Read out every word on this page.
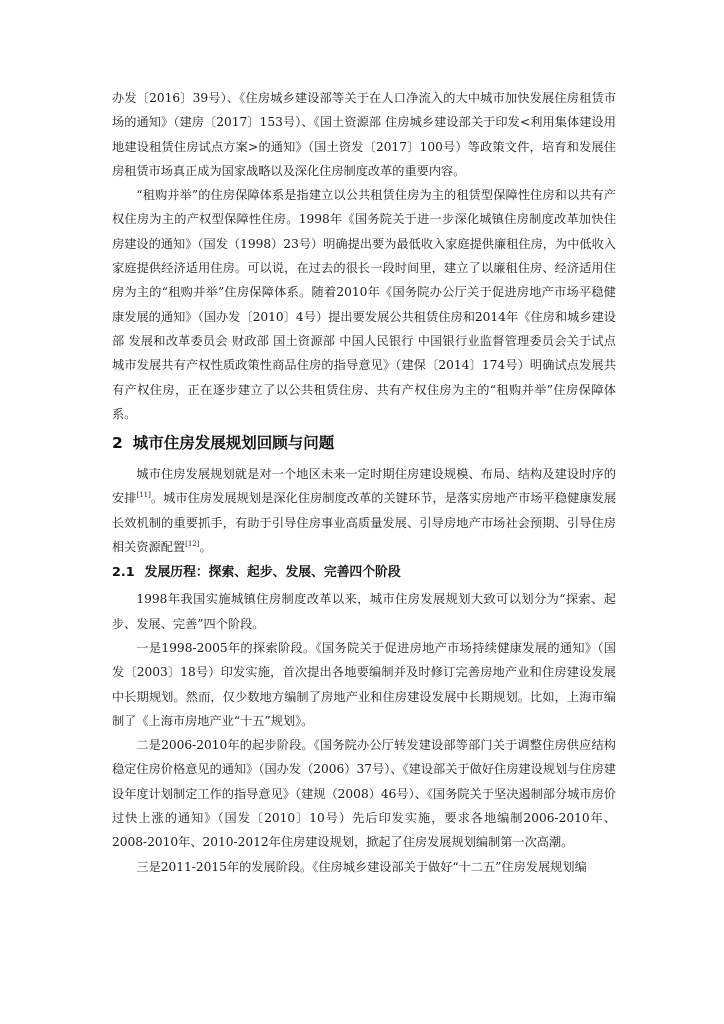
办发〔2016〕39号）、《住房城乡建设部等关于在人口净流入的大中城市加快发展住房租赁市场的通知》（建房〔2017〕153号）、《国土资源部 住房城乡建设部关于印发<利用集体建设用地建设租赁住房试点方案>的通知》（国土资发〔2017〕100号）等政策文件，培育和发展住房租赁市场真正成为国家战略以及深化住房制度改革的重要内容。

“租购并举”的住房保障体系是指建立以公共租赁住房为主的租赁型保障性住房和以共有产权住房为主的产权型保障性住房。1998年《国务院关于进一步深化城镇住房制度改革加快住房建设的通知》（国发（1998）23号）明确提出要为最低收入家庭提供廉租住房，为中低收入家庭提供经济适用住房。可以说，在过去的很长一段时间里，建立了以廉租住房、经济适用住房为主的“租购并举”住房保障体系。随着2010年《国务院办公厅关于促进房地产市场平稳健康发展的通知》（国办发〔2010〕4号）提出要发展公共租赁住房和2014年《住房和城乡建设部 发展和改革委员会 财政部 国土资源部 中国人民银行 中国银行业监督管理委员会关于试点城市发展共有产权性质政策性商品住房的指导意见》（建保〔2014〕174号）明确试点发展共有产权住房，正在逐步建立了以公共租赁住房、共有产权住房为主的“租购并举”住房保障体系。

2 城市住房发展规划回顾与问题

城市住房发展规划就是对一个地区未来一定时期住房建设规模、布局、结构及建设时序的安排[11]。城市住房发展规划是深化住房制度改革的关键环节，是落实房地产市场平稳健康发展长效机制的重要抓手，有助于引导住房事业高质量发展、引导房地产市场社会预期、引导住房相关资源配置[12]。

2.1 发展历程：探索、起步、发展、完善四个阶段

1998年我国实施城镇住房制度改革以来，城市住房发展规划大致可以划分为“探索、起步、发展、完善”四个阶段。

一是1998-2005年的探索阶段。《国务院关于促进房地产市场持续健康发展的通知》（国发〔2003〕18号）印发实施，首次提出各地要编制并及时修订完善房地产业和住房建设发展中长期规划。然而，仅少数地方编制了房地产业和住房建设发展中长期规划。比如，上海市编制了《上海市房地产业“十五”规划》。

二是2006-2010年的起步阶段。《国务院办公厅转发建设部等部门关于调整住房供应结构稳定住房价格意见的通知》（国办发（2006）37号）、《建设部关于做好住房建设规划与住房建设年度计划制定工作的指导意见》（建规（2008）46号）、《国务院关于坚决遏制部分城市房价过快上涨的通知》（国发〔2010〕10号）先后印发实施，要求各地编制2006-2010年、2008-2010年、2010-2012年住房建设规划，掀起了住房发展规划编制第一次高潮。

三是2011-2015年的发展阶段。《住房城乡建设部关于做好“十二五”住房发展规划编
